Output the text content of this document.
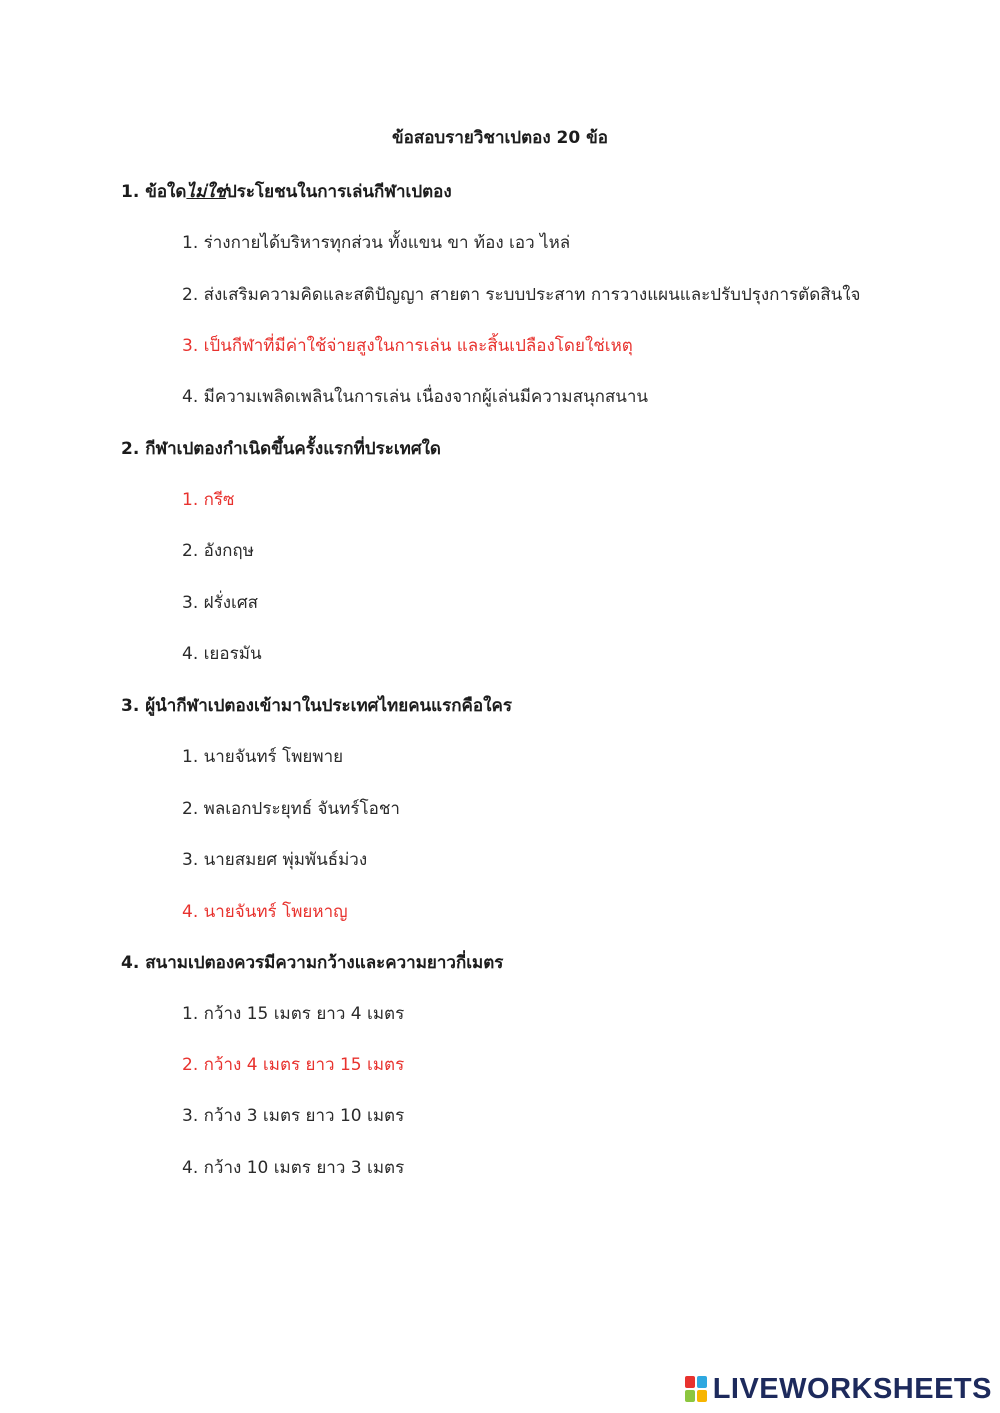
ข้อสอบรายวิชาเปตอง 20 ข้อ
1. ข้อใดไม่ใช่ประโยชนในการเล่นกีฬาเปตอง
1. ร่างกายได้บริหารทุกส่วน ทั้งแขน ขา ท้อง เอว ไหล่
2. ส่งเสริมความคิดและสติปัญญา สายตา ระบบประสาท การวางแผนและปรับปรุงการตัดสินใจ
3. เป็นกีฬาที่มีค่าใช้จ่ายสูงในการเล่น และสิ้นเปลืองโดยใช่เหตุ
4. มีความเพลิดเพลินในการเล่น เนื่องจากผู้เล่นมีความสนุกสนาน
2. กีฬาเปตองกำเนิดขึ้นครั้งแรกที่ประเทศใด
1. กรีซ
2. อังกฤษ
3. ฝรั่งเศส
4. เยอรมัน
3. ผู้นำกีฬาเปตองเข้ามาในประเทศไทยคนแรกคือใคร
1. นายจันทร์ โพยพาย
2. พลเอกประยุทธ์ จันทร์โอชา
3. นายสมยศ พุ่มพันธ์ม่วง
4. นายจันทร์ โพยหาญ
4. สนามเปตองควรมีความกว้างและความยาวกี่เมตร
1. กว้าง 15 เมตร ยาว 4 เมตร
2. กว้าง 4 เมตร ยาว 15 เมตร
3. กว้าง 3 เมตร ยาว 10 เมตร
4. กว้าง 10 เมตร ยาว 3 เมตร
LIVEWORKSHEETS
